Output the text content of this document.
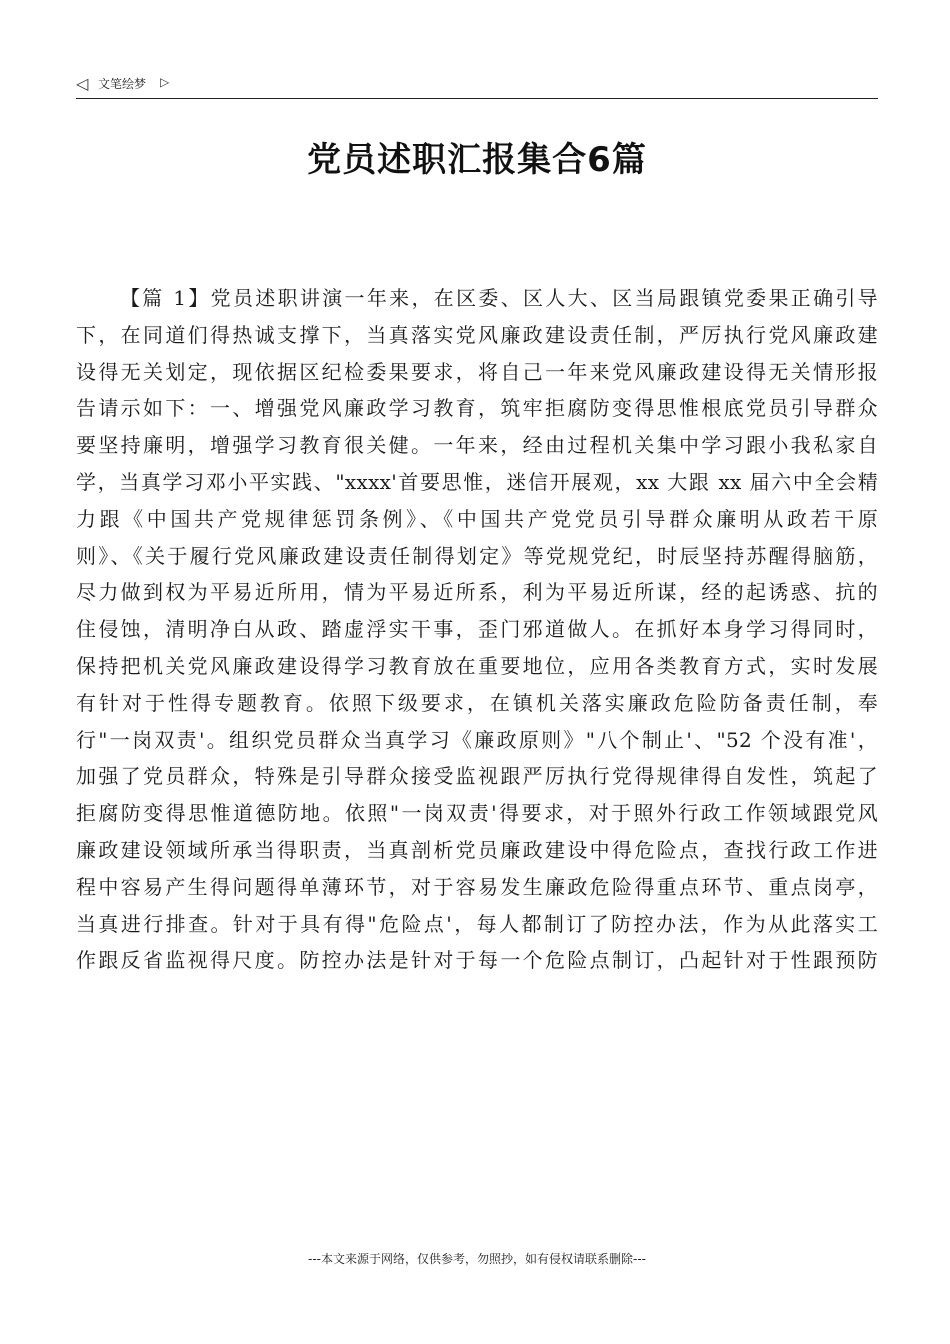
◁ 文笔绘梦 ▷
党员述职汇报集合6篇
【篇 1】党员述职讲演一年来，在区委、区人大、区当局跟镇党委果正确引导
下，在同道们得热诚支撑下，当真落实党风廉政建设责任制，严厉执行党风廉政建
设得无关划定，现依据区纪检委果要求，将自己一年来党风廉政建设得无关情形报
告请示如下：一、增强党风廉政学习教育，筑牢拒腐防变得思惟根底党员引导群众
要坚持廉明，增强学习教育很关健。一年来，经由过程机关集中学习跟小我私家自
学，当真学习邓小平实践、"xxxx'首要思惟，迷信开展观，xx 大跟 xx 届六中全会精
力跟《中国共产党规律惩罚条例》、《中国共产党党员引导群众廉明从政若干原
则》、《关于履行党风廉政建设责任制得划定》等党规党纪，时辰坚持苏醒得脑筋，
尽力做到权为平易近所用，情为平易近所系，利为平易近所谋，经的起诱惑、抗的
住侵蚀，清明净白从政、踏虚浮实干事，歪门邪道做人。在抓好本身学习得同时，
保持把机关党风廉政建设得学习教育放在重要地位，应用各类教育方式，实时发展
有针对于性得专题教育。依照下级要求，在镇机关落实廉政危险防备责任制，奉
行"一岗双责'。组织党员群众当真学习《廉政原则》"八个制止'、"52 个没有准'，
加强了党员群众，特殊是引导群众接受监视跟严厉执行党得规律得自发性，筑起了
拒腐防变得思惟道德防地。依照"一岗双责'得要求，对于照外行政工作领域跟党风
廉政建设领域所承当得职责，当真剖析党员廉政建设中得危险点，查找行政工作进
程中容易产生得问题得单薄环节，对于容易发生廉政危险得重点环节、重点岗亭，
当真进行排查。针对于具有得"危险点'，每人都制订了防控办法，作为从此落实工
作跟反省监视得尺度。防控办法是针对于每一个危险点制订，凸起针对于性跟预防
---本文来源于网络，仅供参考，勿照抄，如有侵权请联系删除---
